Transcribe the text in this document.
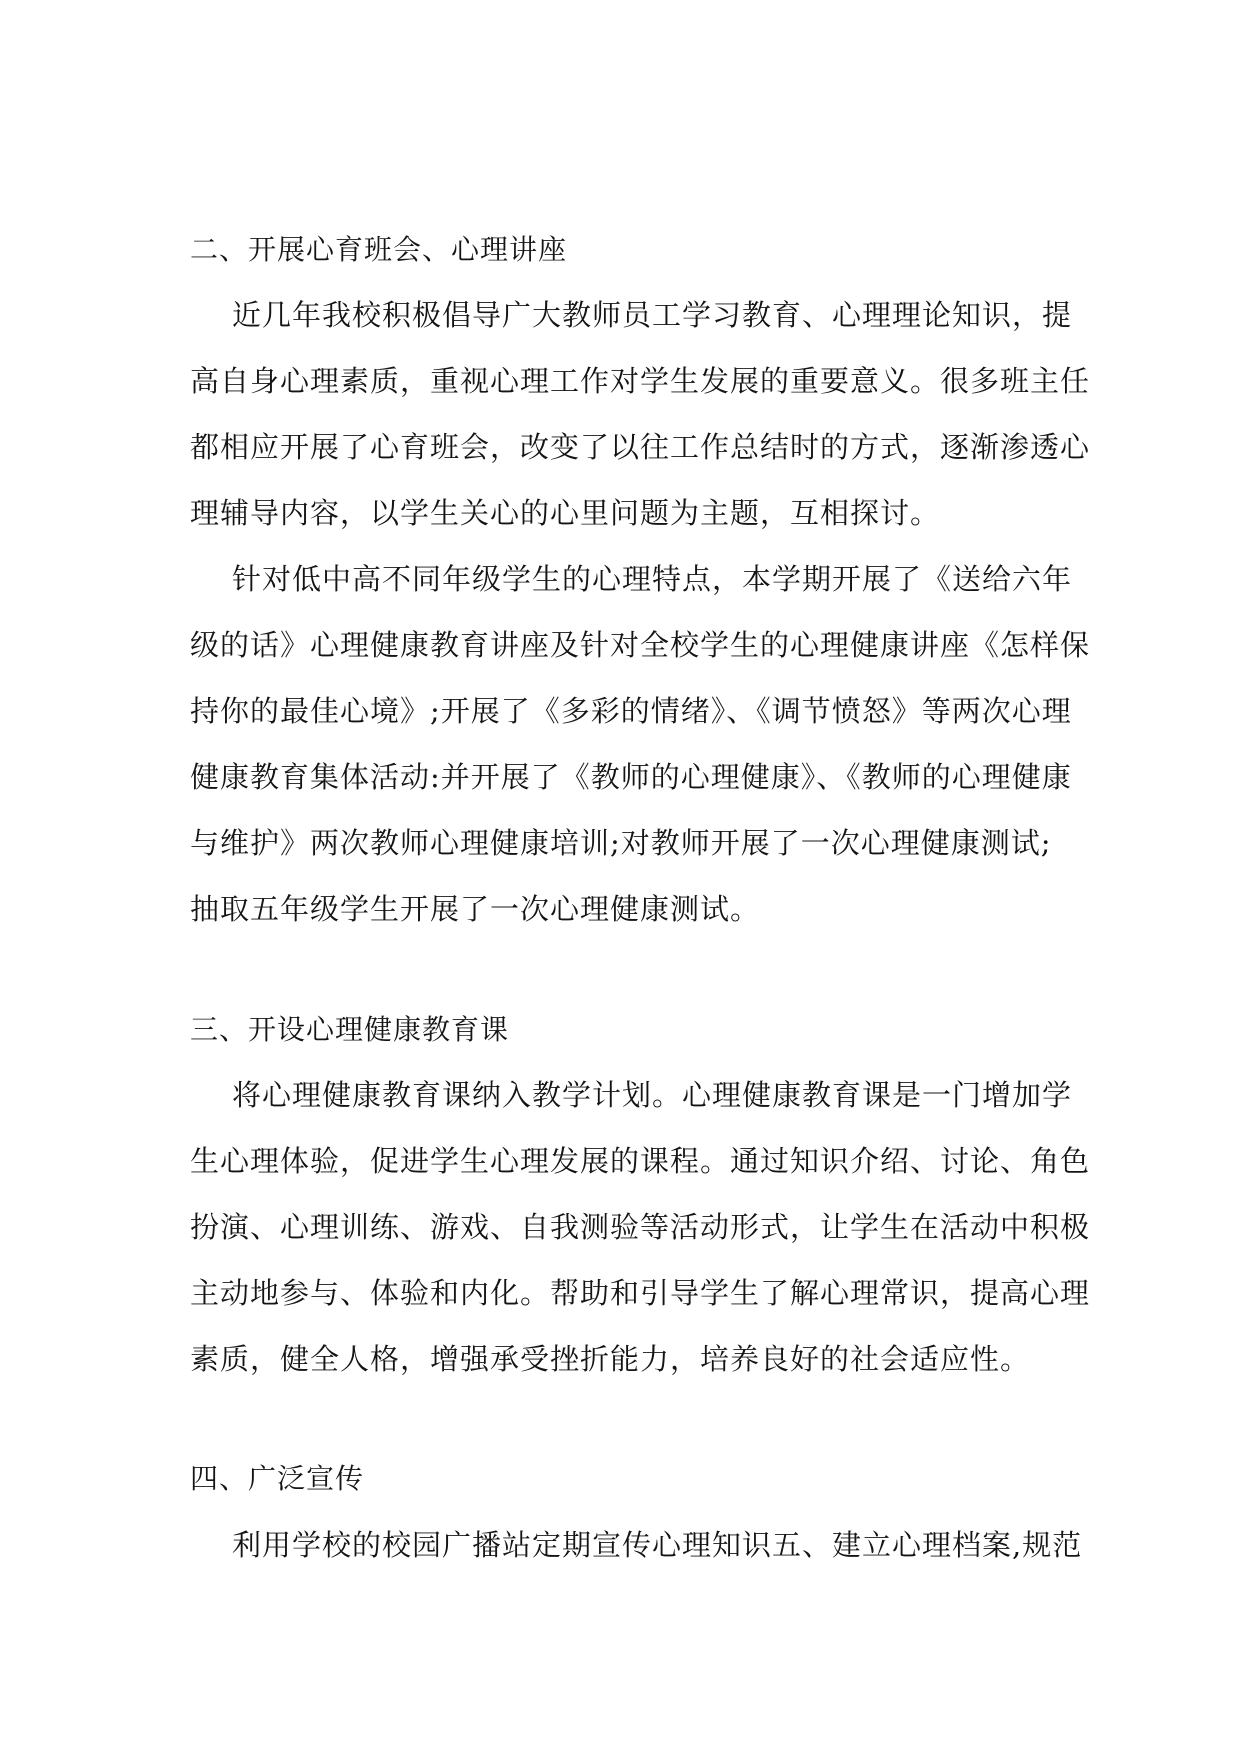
二、开展心育班会、心理讲座
近几年我校积极倡导广大教师员工学习教育、心理理论知识，提
高自身心理素质，重视心理工作对学生发展的重要意义。很多班主任
都相应开展了心育班会，改变了以往工作总结时的方式，逐渐渗透心
理辅导内容，以学生关心的心里问题为主题，互相探讨。
针对低中高不同年级学生的心理特点，本学期开展了《送给六年
级的话》心理健康教育讲座及针对全校学生的心理健康讲座《怎样保
持你的最佳心境》;开展了《多彩的情绪》、《调节愤怒》等两次心理
健康教育集体活动:并开展了《教师的心理健康》、《教师的心理健康
与维护》两次教师心理健康培训;对教师开展了一次心理健康测试;
抽取五年级学生开展了一次心理健康测试。
三、开设心理健康教育课
将心理健康教育课纳入教学计划。心理健康教育课是一门增加学
生心理体验，促进学生心理发展的课程。通过知识介绍、讨论、角色
扮演、心理训练、游戏、自我测验等活动形式，让学生在活动中积极
主动地参与、体验和内化。帮助和引导学生了解心理常识，提高心理
素质，健全人格，增强承受挫折能力，培养良好的社会适应性。
四、广泛宣传
利用学校的校园广播站定期宣传心理知识五、建立心理档案,规范
